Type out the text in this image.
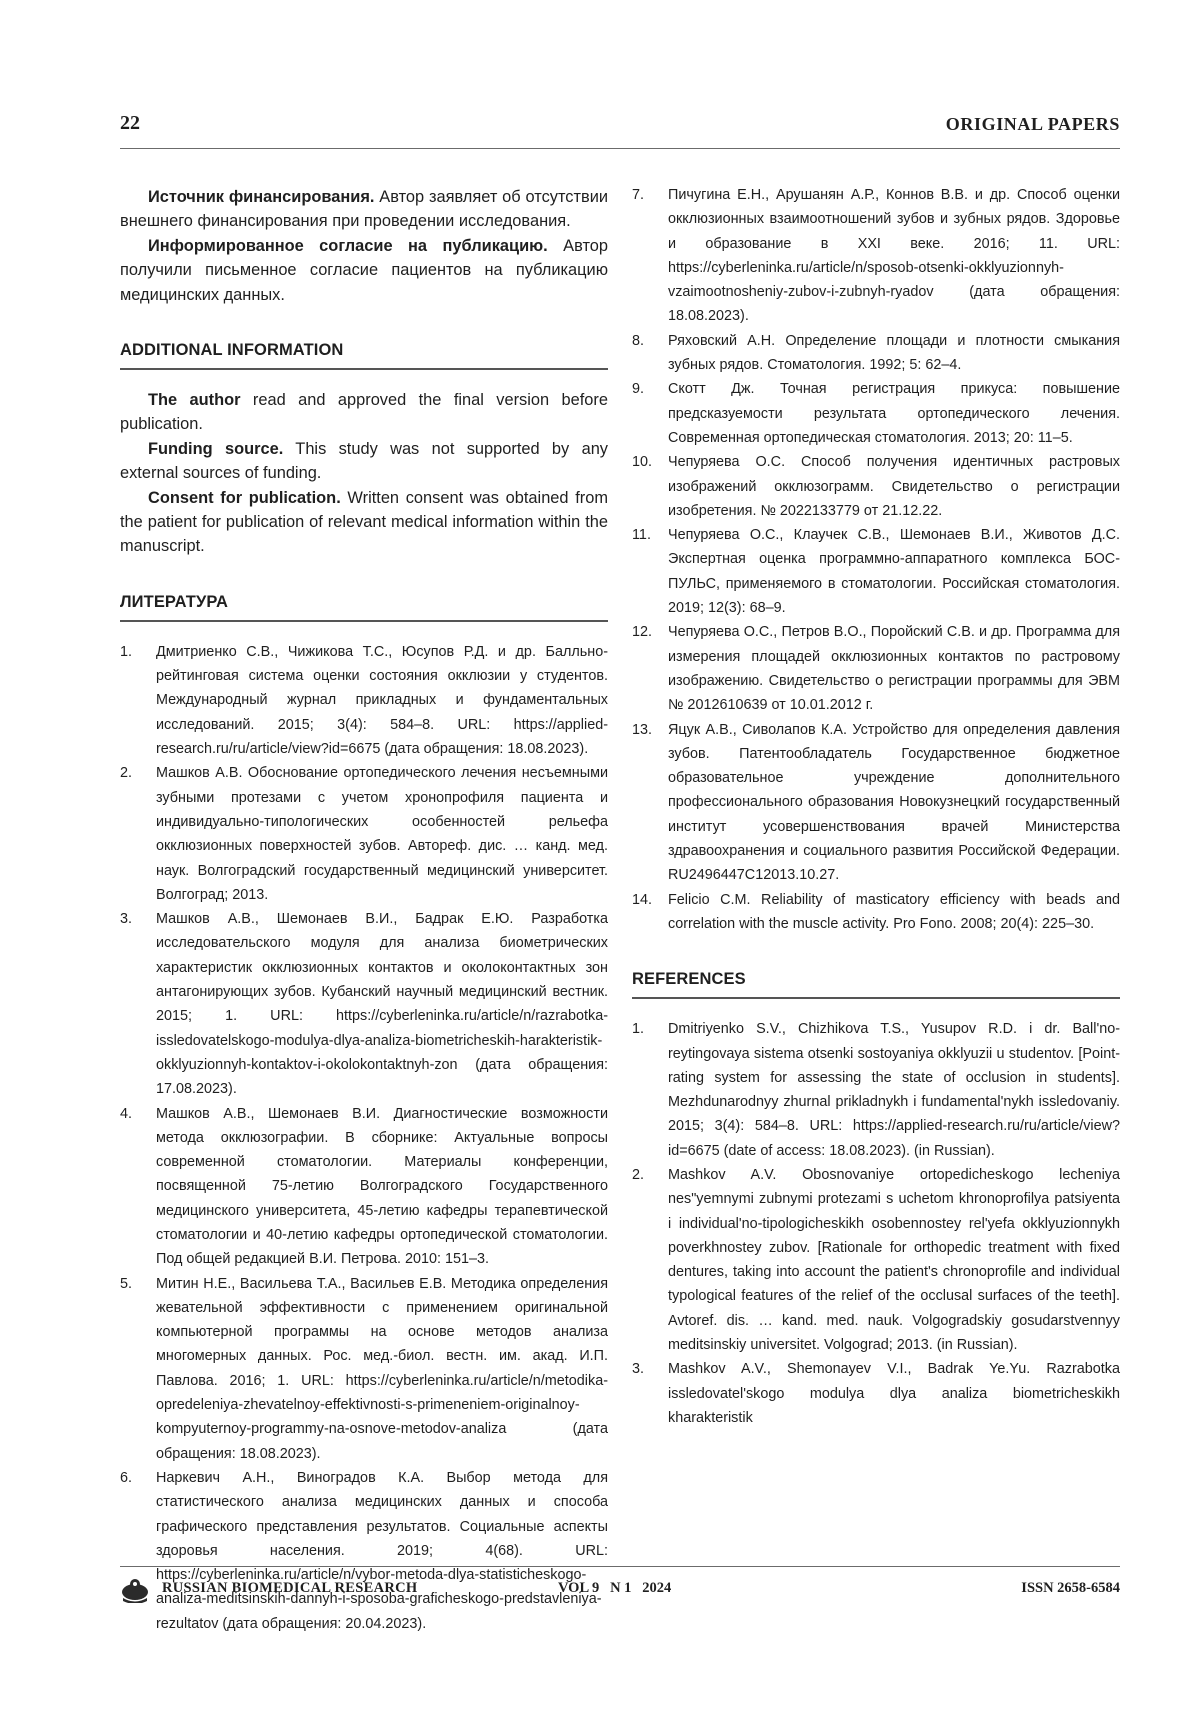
22	ORIGINAL PAPERS

Источник финансирования. Автор заявляет об отсутствии внешнего финансирования при проведении исследования.

Информированное согласие на публикацию. Автор получили письменное согласие пациентов на публикацию медицинских данных.

ADDITIONAL INFORMATION

The author read and approved the final version before publication.

Funding source. This study was not supported by any external sources of funding.

Consent for publication. Written consent was obtained from the patient for publication of relevant medical information within the manuscript.

ЛИТЕРАТУРА
1. Дмитриенко С.В., Чижикова Т.С., Юсупов Р.Д. и др. Балльно-рейтинговая система оценки состояния окклюзии у студентов. Международный журнал прикладных и фундаментальных исследований. 2015; 3(4): 584–8. URL: https://applied-research.ru/ru/article/view?id=6675 (дата обращения: 18.08.2023).
2. Машков А.В. Обоснование ортопедического лечения несъемными зубными протезами с учетом хронопрофиля пациента и индивидуально-типологических особенностей рельефа окклюзионных поверхностей зубов. Автореф. дис. … канд. мед. наук. Волгоградский государственный медицинский университет. Волгоград; 2013.
3. Машков А.В., Шемонаев В.И., Бадрак Е.Ю. Разработка исследовательского модуля для анализа биометрических характеристик окклюзионных контактов и околоконтактных зон антагонирующих зубов. Кубанский научный медицинский вестник. 2015; 1. URL: https://cyberleninka.ru/article/n/razrabotka-issledovatelskogo-modulya-dlya-analiza-biometricheskih-harakteristik-okklyuzionnyh-kontaktov-i-okolokontaktnyh-zon (дата обращения: 17.08.2023).
4. Машков А.В., Шемонаев В.И. Диагностические возможности метода окклюзографии. В сборнике: Актуальные вопросы современной стоматологии. Материалы конференции, посвященной 75-летию Волгоградского Государственного медицинского университета, 45-летию кафедры терапевтической стоматологии и 40-летию кафедры ортопедической стоматологии. Под общей редакцией В.И. Петрова. 2010: 151–3.
5. Митин Н.Е., Васильева Т.А., Васильев Е.В. Методика определения жевательной эффективности с применением оригинальной компьютерной программы на основе методов анализа многомерных данных. Рос. мед.-биол. вестн. им. акад. И.П. Павлова. 2016; 1. URL: https://cyberleninka.ru/article/n/metodika-opredeleniya-zhevatelnoy-effektivnosti-s-primeneniem-originalnoy-kompyuternoy-programmy-na-osnove-metodov-analiza (дата обращения: 18.08.2023).
6. Наркевич А.Н., Виноградов К.А. Выбор метода для статистического анализа медицинских данных и способа графического представления результатов. Социальные аспекты здоровья населения. 2019; 4(68). URL: https://cyberleninka.ru/article/n/vybor-metoda-dlya-statisticheskogo-analiza-meditsinskih-dannyh-i-sposoba-graficheskogo-predstavleniya-rezultatov (дата обращения: 20.04.2023).
7. Пичугина Е.Н., Арушанян А.Р., Коннов В.В. и др. Способ оценки окклюзионных взаимоотношений зубов и зубных рядов. Здоровье и образование в XXI веке. 2016; 11. URL: https://cyberleninka.ru/article/n/sposob-otsenki-okklyuzionnyh-vzaimootnosheniy-zubov-i-zubnyh-ryadov (дата обращения: 18.08.2023).
8. Ряховский А.Н. Определение площади и плотности смыкания зубных рядов. Стоматология. 1992; 5: 62–4.
9. Скотт Дж. Точная регистрация прикуса: повышение предсказуемости результата ортопедического лечения. Современная ортопедическая стоматология. 2013; 20: 11–5.
10. Чепуряева О.С. Способ получения идентичных растровых изображений окклюзограмм. Свидетельство о регистрации изобретения. № 2022133779 от 21.12.22.
11. Чепуряева О.С., Клаучек С.В., Шемонаев В.И., Животов Д.С. Экспертная оценка программно-аппаратного комплекса БОС-ПУЛЬС, применяемого в стоматологии. Российская стоматология. 2019; 12(3): 68–9.
12. Чепуряева О.С., Петров В.О., Поройский С.В. и др. Программа для измерения площадей окклюзионных контактов по растровому изображению. Свидетельство о регистрации программы для ЭВМ № 2012610639 от 10.01.2012 г.
13. Яцук А.В., Сиволапов К.А. Устройство для определения давления зубов. Патентообладатель Государственное бюджетное образовательное учреждение дополнительного профессионального образования Новокузнецкий государственный институт усовершенствования врачей Министерства здравоохранения и социального развития Российской Федерации. RU2496447C12013.10.27.
14. Felicio C.M. Reliability of masticatory efficiency with beads and correlation with the muscle activity. Pro Fono. 2008; 20(4): 225–30.
REFERENCES
1. Dmitriyenko S.V., Chizhikova T.S., Yusupov R.D. i dr. Ball'no-reytingovaya sistema otsenki sostoyaniya okklyuzii u studentov. [Point-rating system for assessing the state of occlusion in students]. Mezhdunarodnyy zhurnal prikladnykh i fundamental'nykh issledovaniy. 2015; 3(4): 584–8. URL: https://applied-research.ru/ru/article/view?id=6675 (date of access: 18.08.2023). (in Russian).
2. Mashkov A.V. Obosnovaniye ortopedicheskogo lecheniya nes"yemnymi zubnymi protezami s uchetom khronoprofilya patsiyenta i individual'no-tipologicheskikh osobennostey rel'yefa okklyuzionnykh poverkhnostey zubov. [Rationale for orthopedic treatment with fixed dentures, taking into account the patient's chronoprofile and individual typological features of the relief of the occlusal surfaces of the teeth]. Avtoref. dis. … kand. med. nauk. Volgogradskiy gosudarstvennyy meditsinskiy universitet. Volgograd; 2013. (in Russian).
3. Mashkov A.V., Shemonayev V.I., Badrak Ye.Yu. Razrabotka issledovatel'skogo modulya dlya analiza biometricheskikh kharakteristik
RUSSIAN BIOMEDICAL RESEARCH	VOL 9   N 1   2024	ISSN 2658-6584
